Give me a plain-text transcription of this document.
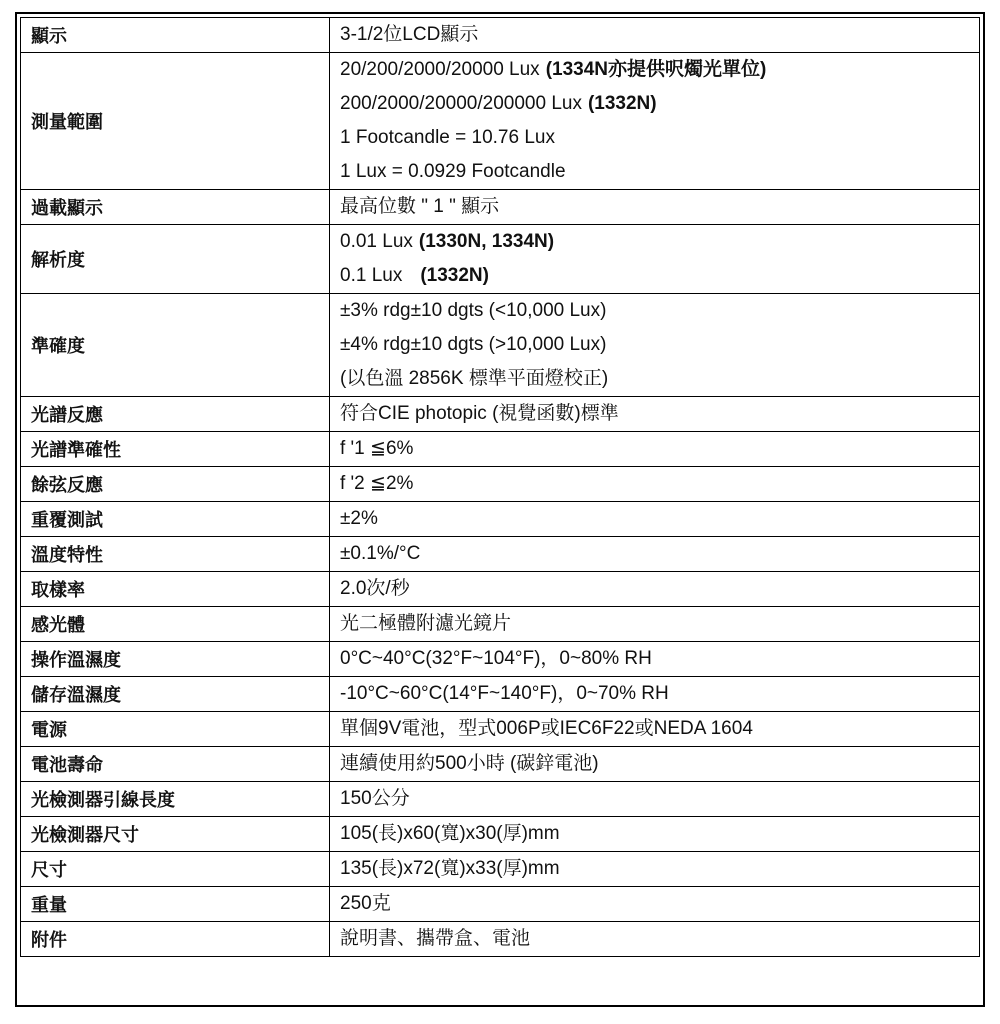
顯示	3-1/2位LCD顯示

測量範圍	20/200/2000/20000 Lux (1334N亦提供呎燭光單位)
200/2000/20000/200000 Lux (1332N)
1 Footcandle = 10.76 Lux
1 Lux = 0.0929 Footcandle

過載顯示	最高位數 " 1 " 顯示

解析度	0.01 Lux (1330N, 1334N)
0.1 Lux (1332N)

準確度	±3% rdg±10 dgts (<10,000 Lux)
±4% rdg±10 dgts (>10,000 Lux)
(以色溫 2856K 標準平面燈校正)

光譜反應	符合CIE photopic (視覺函數)標準

光譜準確性	f '1 ≦6%

餘弦反應	f '2 ≦2%

重覆測試	±2%

溫度特性	±0.1%/°C

取樣率	2.0次/秒

感光體	光二極體附濾光鏡片

操作溫濕度	0°C~40°C(32°F~104°F)，0~80% RH

儲存溫濕度	-10°C~60°C(14°F~140°F)，0~70% RH

電源	單個9V電池，型式006P或IEC6F22或NEDA 1604

電池壽命	連續使用約500小時 (碳鋅電池)

光檢測器引線長度	150公分

光檢測器尺寸	105(長)x60(寬)x30(厚)mm

尺寸	135(長)x72(寬)x33(厚)mm

重量	250克

附件	說明書、攜帶盒、電池
